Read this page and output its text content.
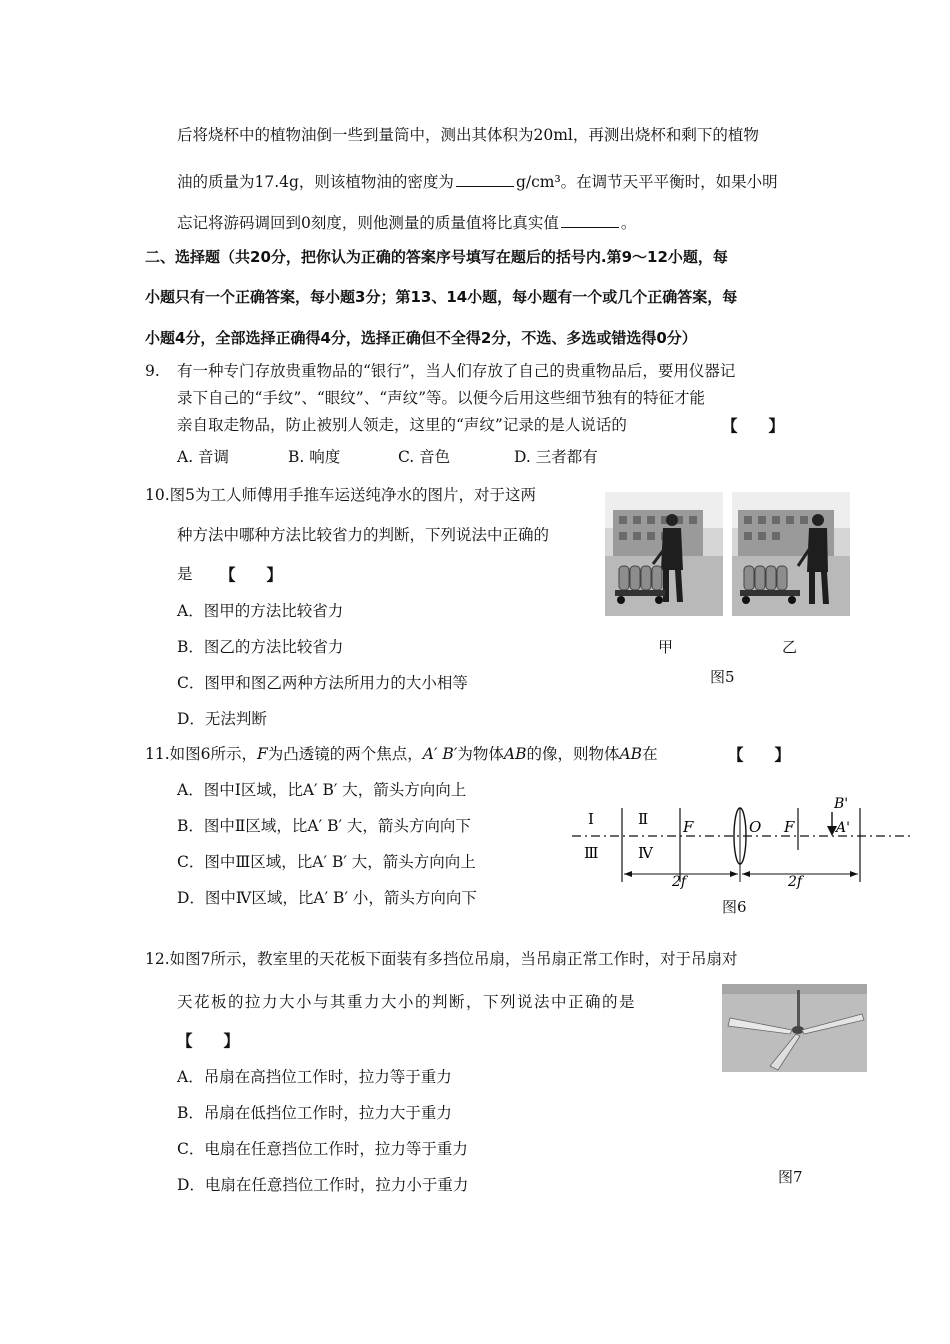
后将烧杯中的植物油倒一些到量筒中，测出其体积为20ml，再测出烧杯和剩下的植物
油的质量为17.4g，则该植物油的密度为	g/cm³。在调节天平平衡时，如果小明
忘记将游码调回到0刻度，则他测量的质量值将比真实值	。
二、选择题（共20分，把你认为正确的答案序号填写在题后的括号内.第9～12小题，每
小题只有一个正确答案，每小题3分；第13、14小题，每小题有一个或几个正确答案，每
小题4分，全部选择正确得4分，选择正确但不全得2分，不选、多选或错选得0分）
9. 有一种专门存放贵重物品的“银行”，当人们存放了自己的贵重物品后，要用仪器记
录下自己的“手纹”、“眼纹”、“声纹”等。以便今后用这些细节独有的特征才能
亲自取走物品，防止被别人领走，这里的“声纹”记录的是人说话的	【　　】
A. 音调	B. 响度	C. 音色	D. 三者都有
10.图5为工人师傅用手推车运送纯净水的图片，对于这两
种方法中哪种方法比较省力的判断，下列说法中正确的
是 【　　】
A．图甲的方法比较省力
B．图乙的方法比较省力
C．图甲和图乙两种方法所用力的大小相等
D．无法判断
甲	乙
图5
11.如图6所示，F为凸透镜的两个焦点，A′ B′为物体AB的像，则物体AB在	【　　】
A．图中Ⅰ区域，比A′ B′ 大，箭头方向向上
B．图中Ⅱ区域，比A′ B′ 大，箭头方向向下
C．图中Ⅲ区域，比A′ B′ 大，箭头方向向上
D．图中Ⅳ区域，比A′ B′ 小，箭头方向向下
Ⅰ	Ⅱ
Ⅲ	Ⅳ
F	O F
B'
A'
2f	2f
图6
12.如图7所示，教室里的天花板下面装有多挡位吊扇，当吊扇正常工作时，对于吊扇对
天花板的拉力大小与其重力大小的判断，下列说法中正确的是
【　　】
A．吊扇在高挡位工作时，拉力等于重力
B．吊扇在低挡位工作时，拉力大于重力
C．电扇在任意挡位工作时，拉力等于重力
D．电扇在任意挡位工作时，拉力小于重力	图7
